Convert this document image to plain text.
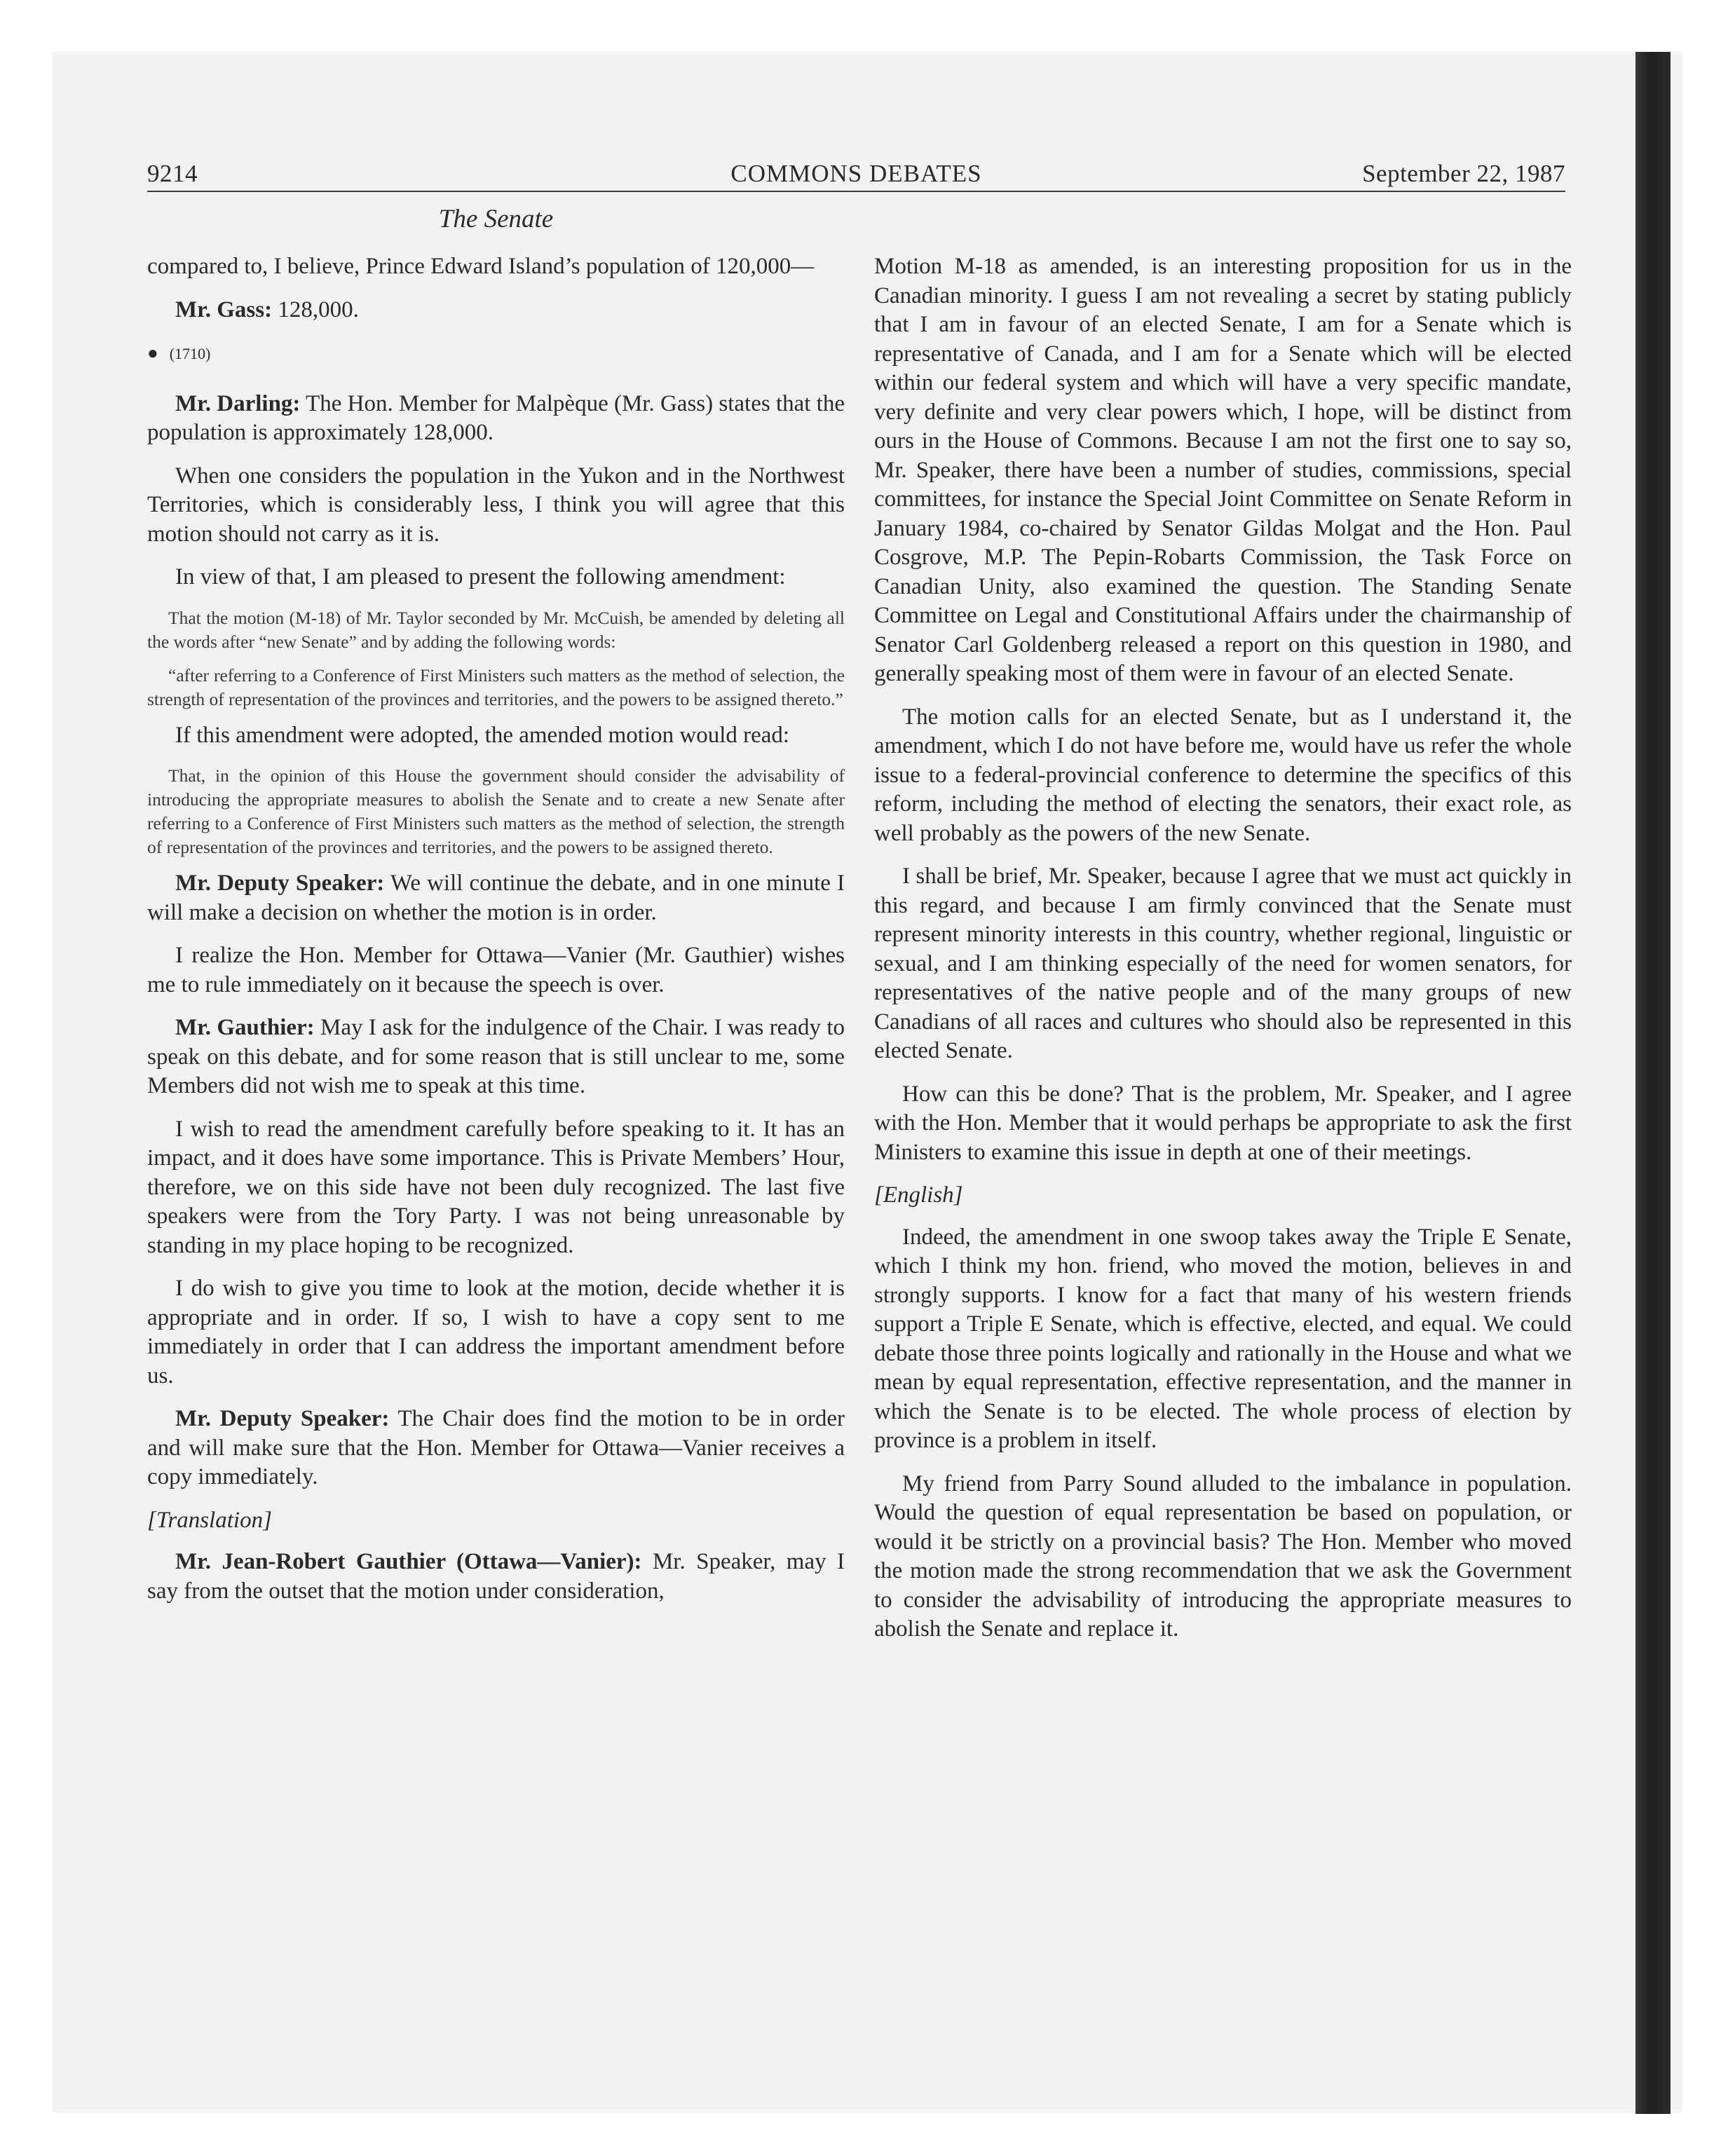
9214	COMMONS DEBATES	September 22, 1987
The Senate

compared to, I believe, Prince Edward Island’s population of 120,000—

Mr. Gass: 128,000.

● (1710)

Mr. Darling: The Hon. Member for Malpèque (Mr. Gass) states that the population is approximately 128,000.

When one considers the population in the Yukon and in the Northwest Territories, which is considerably less, I think you will agree that this motion should not carry as it is.

In view of that, I am pleased to present the following amendment:

That the motion (M-18) of Mr. Taylor seconded by Mr. McCuish, be amended by deleting all the words after “new Senate” and by adding the following words:

“after referring to a Conference of First Ministers such matters as the method of selection, the strength of representation of the provinces and territories, and the powers to be assigned thereto.”

If this amendment were adopted, the amended motion would read:

That, in the opinion of this House the government should consider the advisability of introducing the appropriate measures to abolish the Senate and to create a new Senate after referring to a Conference of First Ministers such matters as the method of selection, the strength of representation of the provinces and territories, and the powers to be assigned thereto.

Mr. Deputy Speaker: We will continue the debate, and in one minute I will make a decision on whether the motion is in order.

I realize the Hon. Member for Ottawa—Vanier (Mr. Gauthier) wishes me to rule immediately on it because the speech is over.

Mr. Gauthier: May I ask for the indulgence of the Chair. I was ready to speak on this debate, and for some reason that is still unclear to me, some Members did not wish me to speak at this time.

I wish to read the amendment carefully before speaking to it. It has an impact, and it does have some importance. This is Private Members’ Hour, therefore, we on this side have not been duly recognized. The last five speakers were from the Tory Party. I was not being unreasonable by standing in my place hoping to be recognized.

I do wish to give you time to look at the motion, decide whether it is appropriate and in order. If so, I wish to have a copy sent to me immediately in order that I can address the important amendment before us.

Mr. Deputy Speaker: The Chair does find the motion to be in order and will make sure that the Hon. Member for Ottawa—Vanier receives a copy immediately.

[Translation]

Mr. Jean-Robert Gauthier (Ottawa—Vanier): Mr. Speaker, may I say from the outset that the motion under consideration,

Motion M-18 as amended, is an interesting proposition for us in the Canadian minority. I guess I am not revealing a secret by stating publicly that I am in favour of an elected Senate, I am for a Senate which is representative of Canada, and I am for a Senate which will be elected within our federal system and which will have a very specific mandate, very definite and very clear powers which, I hope, will be distinct from ours in the House of Commons. Because I am not the first one to say so, Mr. Speaker, there have been a number of studies, commissions, special committees, for instance the Special Joint Committee on Senate Reform in January 1984, co-chaired by Senator Gildas Molgat and the Hon. Paul Cosgrove, M.P. The Pepin-Robarts Commission, the Task Force on Canadian Unity, also examined the question. The Standing Senate Committee on Legal and Constitutional Affairs under the chairmanship of Senator Carl Goldenberg released a report on this question in 1980, and generally speaking most of them were in favour of an elected Senate.

The motion calls for an elected Senate, but as I understand it, the amendment, which I do not have before me, would have us refer the whole issue to a federal-provincial conference to determine the specifics of this reform, including the method of electing the senators, their exact role, as well probably as the powers of the new Senate.

I shall be brief, Mr. Speaker, because I agree that we must act quickly in this regard, and because I am firmly convinced that the Senate must represent minority interests in this country, whether regional, linguistic or sexual, and I am thinking especially of the need for women senators, for representatives of the native people and of the many groups of new Canadians of all races and cultures who should also be represented in this elected Senate.

How can this be done? That is the problem, Mr. Speaker, and I agree with the Hon. Member that it would perhaps be appropriate to ask the first Ministers to examine this issue in depth at one of their meetings.

[English]

Indeed, the amendment in one swoop takes away the Triple E Senate, which I think my hon. friend, who moved the motion, believes in and strongly supports. I know for a fact that many of his western friends support a Triple E Senate, which is effective, elected, and equal. We could debate those three points logically and rationally in the House and what we mean by equal representation, effective representation, and the manner in which the Senate is to be elected. The whole process of election by province is a problem in itself.

My friend from Parry Sound alluded to the imbalance in population. Would the question of equal representation be based on population, or would it be strictly on a provincial basis? The Hon. Member who moved the motion made the strong recommendation that we ask the Government to consider the advisability of introducing the appropriate measures to abolish the Senate and replace it.
